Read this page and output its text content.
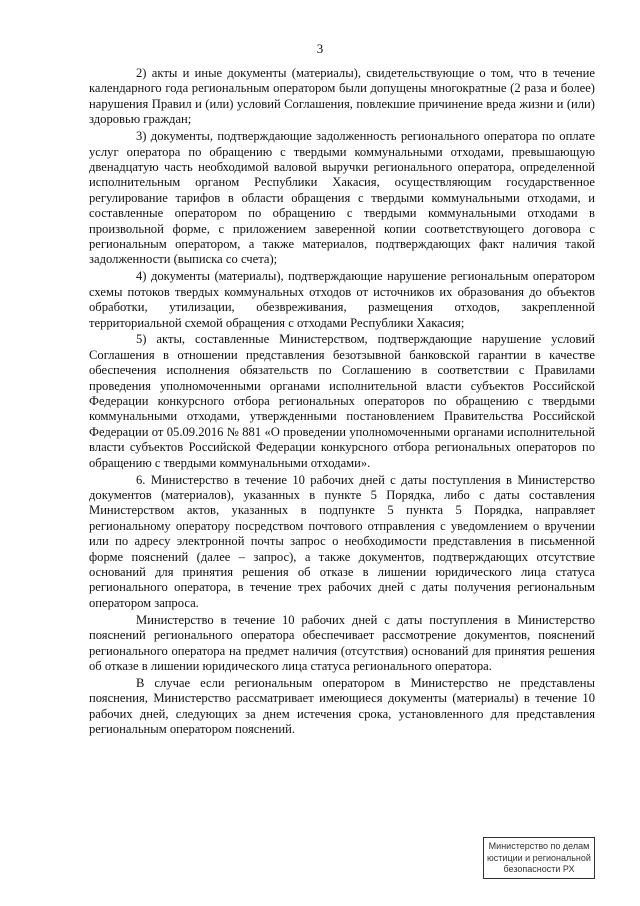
3

2) акты и иные документы (материалы), свидетельствующие о том, что в течение календарного года региональным оператором были допущены многократные (2 раза и более) нарушения Правил и (или) условий Соглашения, повлекшие причинение вреда жизни и (или) здоровью граждан;

3) документы, подтверждающие задолженность регионального оператора по оплате услуг оператора по обращению с твердыми коммунальными отходами, превышающую двенадцатую часть необходимой валовой выручки регионального оператора, определенной исполнительным органом Республики Хакасия, осуществляющим государственное регулирование тарифов в области обращения с твердыми коммунальными отходами, и составленные оператором по обращению с твердыми коммунальными отходами в произвольной форме, с приложением заверенной копии соответствующего договора с региональным оператором, а также материалов, подтверждающих факт наличия такой задолженности (выписка со счета);

4) документы (материалы), подтверждающие нарушение региональным оператором схемы потоков твердых коммунальных отходов от источников их образования до объектов обработки, утилизации, обезвреживания, размещения отходов, закрепленной территориальной схемой обращения с отходами Республики Хакасия;

5) акты, составленные Министерством, подтверждающие нарушение условий Соглашения в отношении представления безотзывной банковской гарантии в качестве обеспечения исполнения обязательств по Соглашению в соответствии с Правилами проведения уполномоченными органами исполнительной власти субъектов Российской Федерации конкурсного отбора региональных операторов по обращению с твердыми коммунальными отходами, утвержденными постановлением Правительства Российской Федерации от 05.09.2016 № 881 «О проведении уполномоченными органами исполнительной власти субъектов Российской Федерации конкурсного отбора региональных операторов по обращению с твердыми коммунальными отходами».

6. Министерство в течение 10 рабочих дней с даты поступления в Министерство документов (материалов), указанных в пункте 5 Порядка, либо с даты составления Министерством актов, указанных в подпункте 5 пункта 5 Порядка, направляет региональному оператору посредством почтового отправления с уведомлением о вручении или по адресу электронной почты запрос о необходимости представления в письменной форме пояснений (далее – запрос), а также документов, подтверждающих отсутствие оснований для принятия решения об отказе в лишении юридического лица статуса регионального оператора, в течение трех рабочих дней с даты получения региональным оператором запроса.

Министерство в течение 10 рабочих дней с даты поступления в Министерство пояснений регионального оператора обеспечивает рассмотрение документов, пояснений регионального оператора на предмет наличия (отсутствия) оснований для принятия решения об отказе в лишении юридического лица статуса регионального оператора.

В случае если региональным оператором в Министерство не представлены пояснения, Министерство рассматривает имеющиеся документы (материалы) в течение 10 рабочих дней, следующих за днем истечения срока, установленного для представления региональным оператором пояснений.

Министерство по делам
юстиции и региональной
безопасности РХ
